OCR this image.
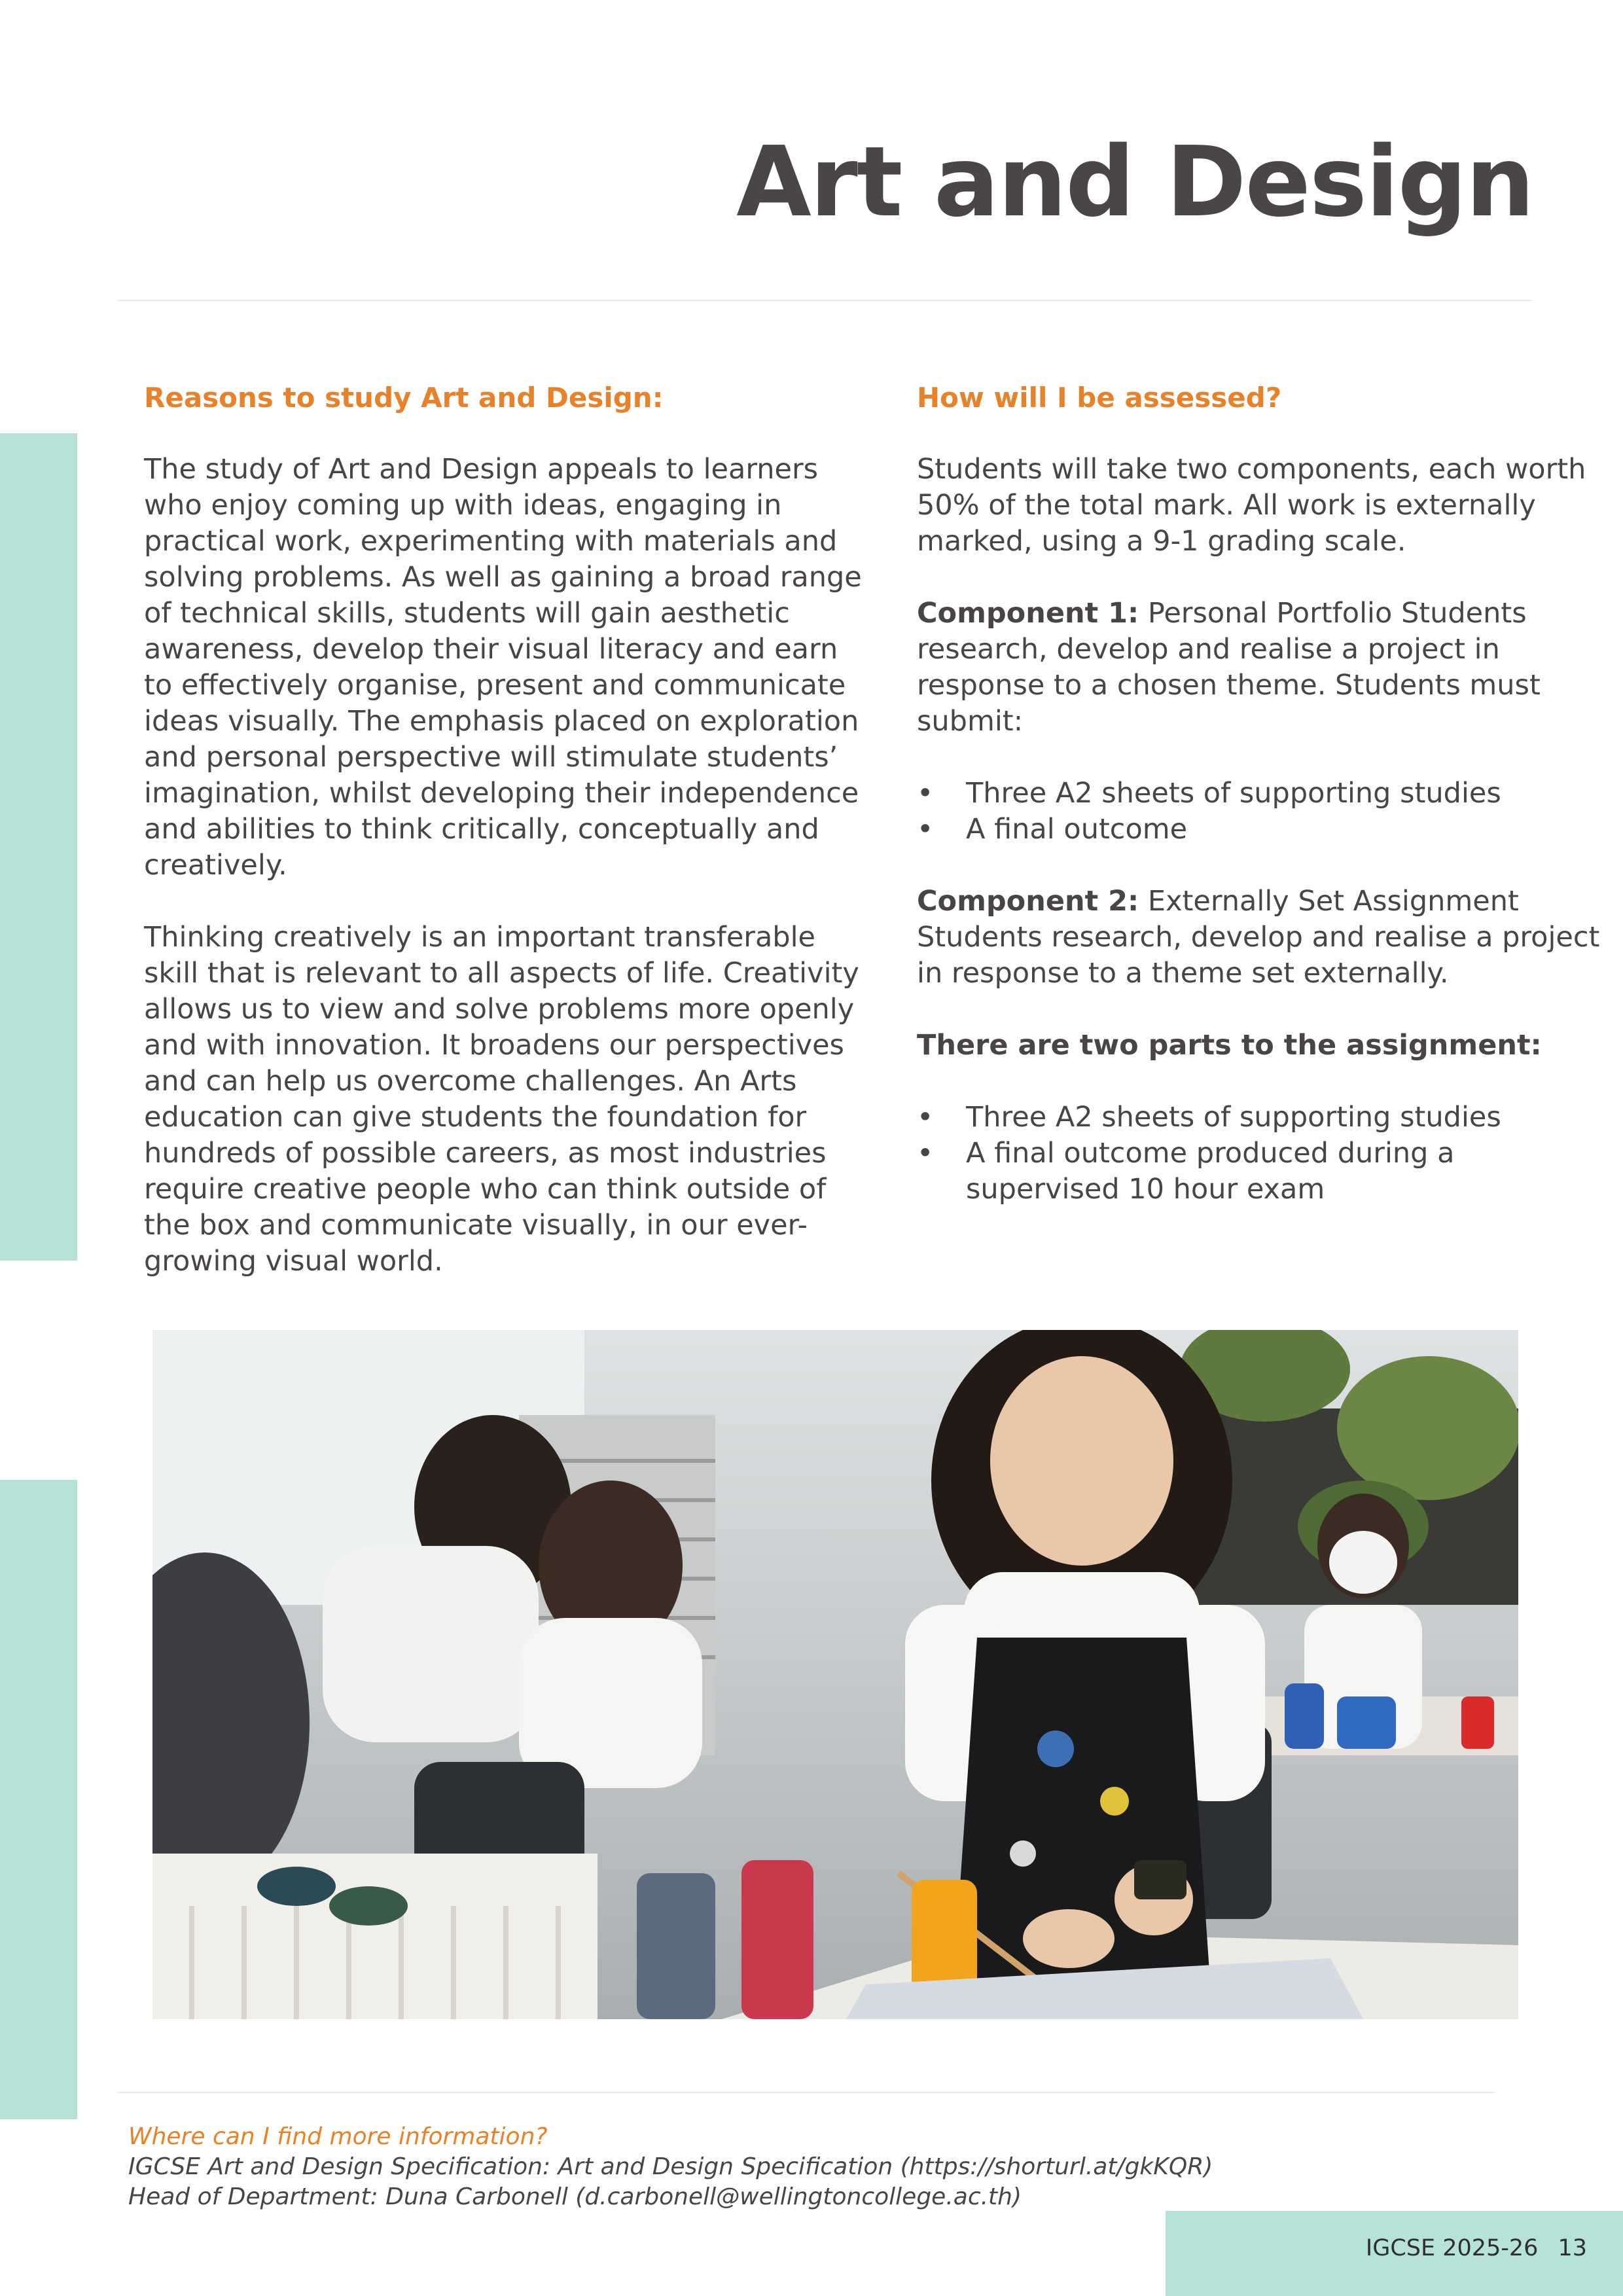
Art and Design
Reasons to study Art and Design:

The study of Art and Design appeals to learners who enjoy coming up with ideas, engaging in practical work, experimenting with materials and solving problems. As well as gaining a broad range of technical skills, students will gain aesthetic awareness, develop their visual literacy and earn to effectively organise, present and communicate ideas visually. The emphasis placed on exploration and personal perspective will stimulate students’ imagination, whilst developing their independence and abilities to think critically, conceptually and creatively.

Thinking creatively is an important transferable skill that is relevant to all aspects of life. Creativity allows us to view and solve problems more openly and with innovation. It broadens our perspectives and can help us overcome challenges. An Arts education can give students the foundation for hundreds of possible careers, as most industries require creative people who can think outside of the box and communicate visually, in our ever-growing visual world.

How will I be assessed?

Students will take two components, each worth 50% of the total mark. All work is externally marked, using a 9-1 grading scale.

Component 1: Personal Portfolio Students research, develop and realise a project in response to a chosen theme. Students must submit:

• Three A2 sheets of supporting studies
• A final outcome

Component 2: Externally Set Assignment Students research, develop and realise a project in response to a theme set externally.

There are two parts to the assignment:

• Three A2 sheets of supporting studies
• A final outcome produced during a supervised 10 hour exam
Where can I find more information?
IGCSE Art and Design Specification: Art and Design Specification (https://shorturl.at/gkKQR)
Head of Department: Duna Carbonell (d.carbonell@wellingtoncollege.ac.th)
IGCSE 2025-26 13
